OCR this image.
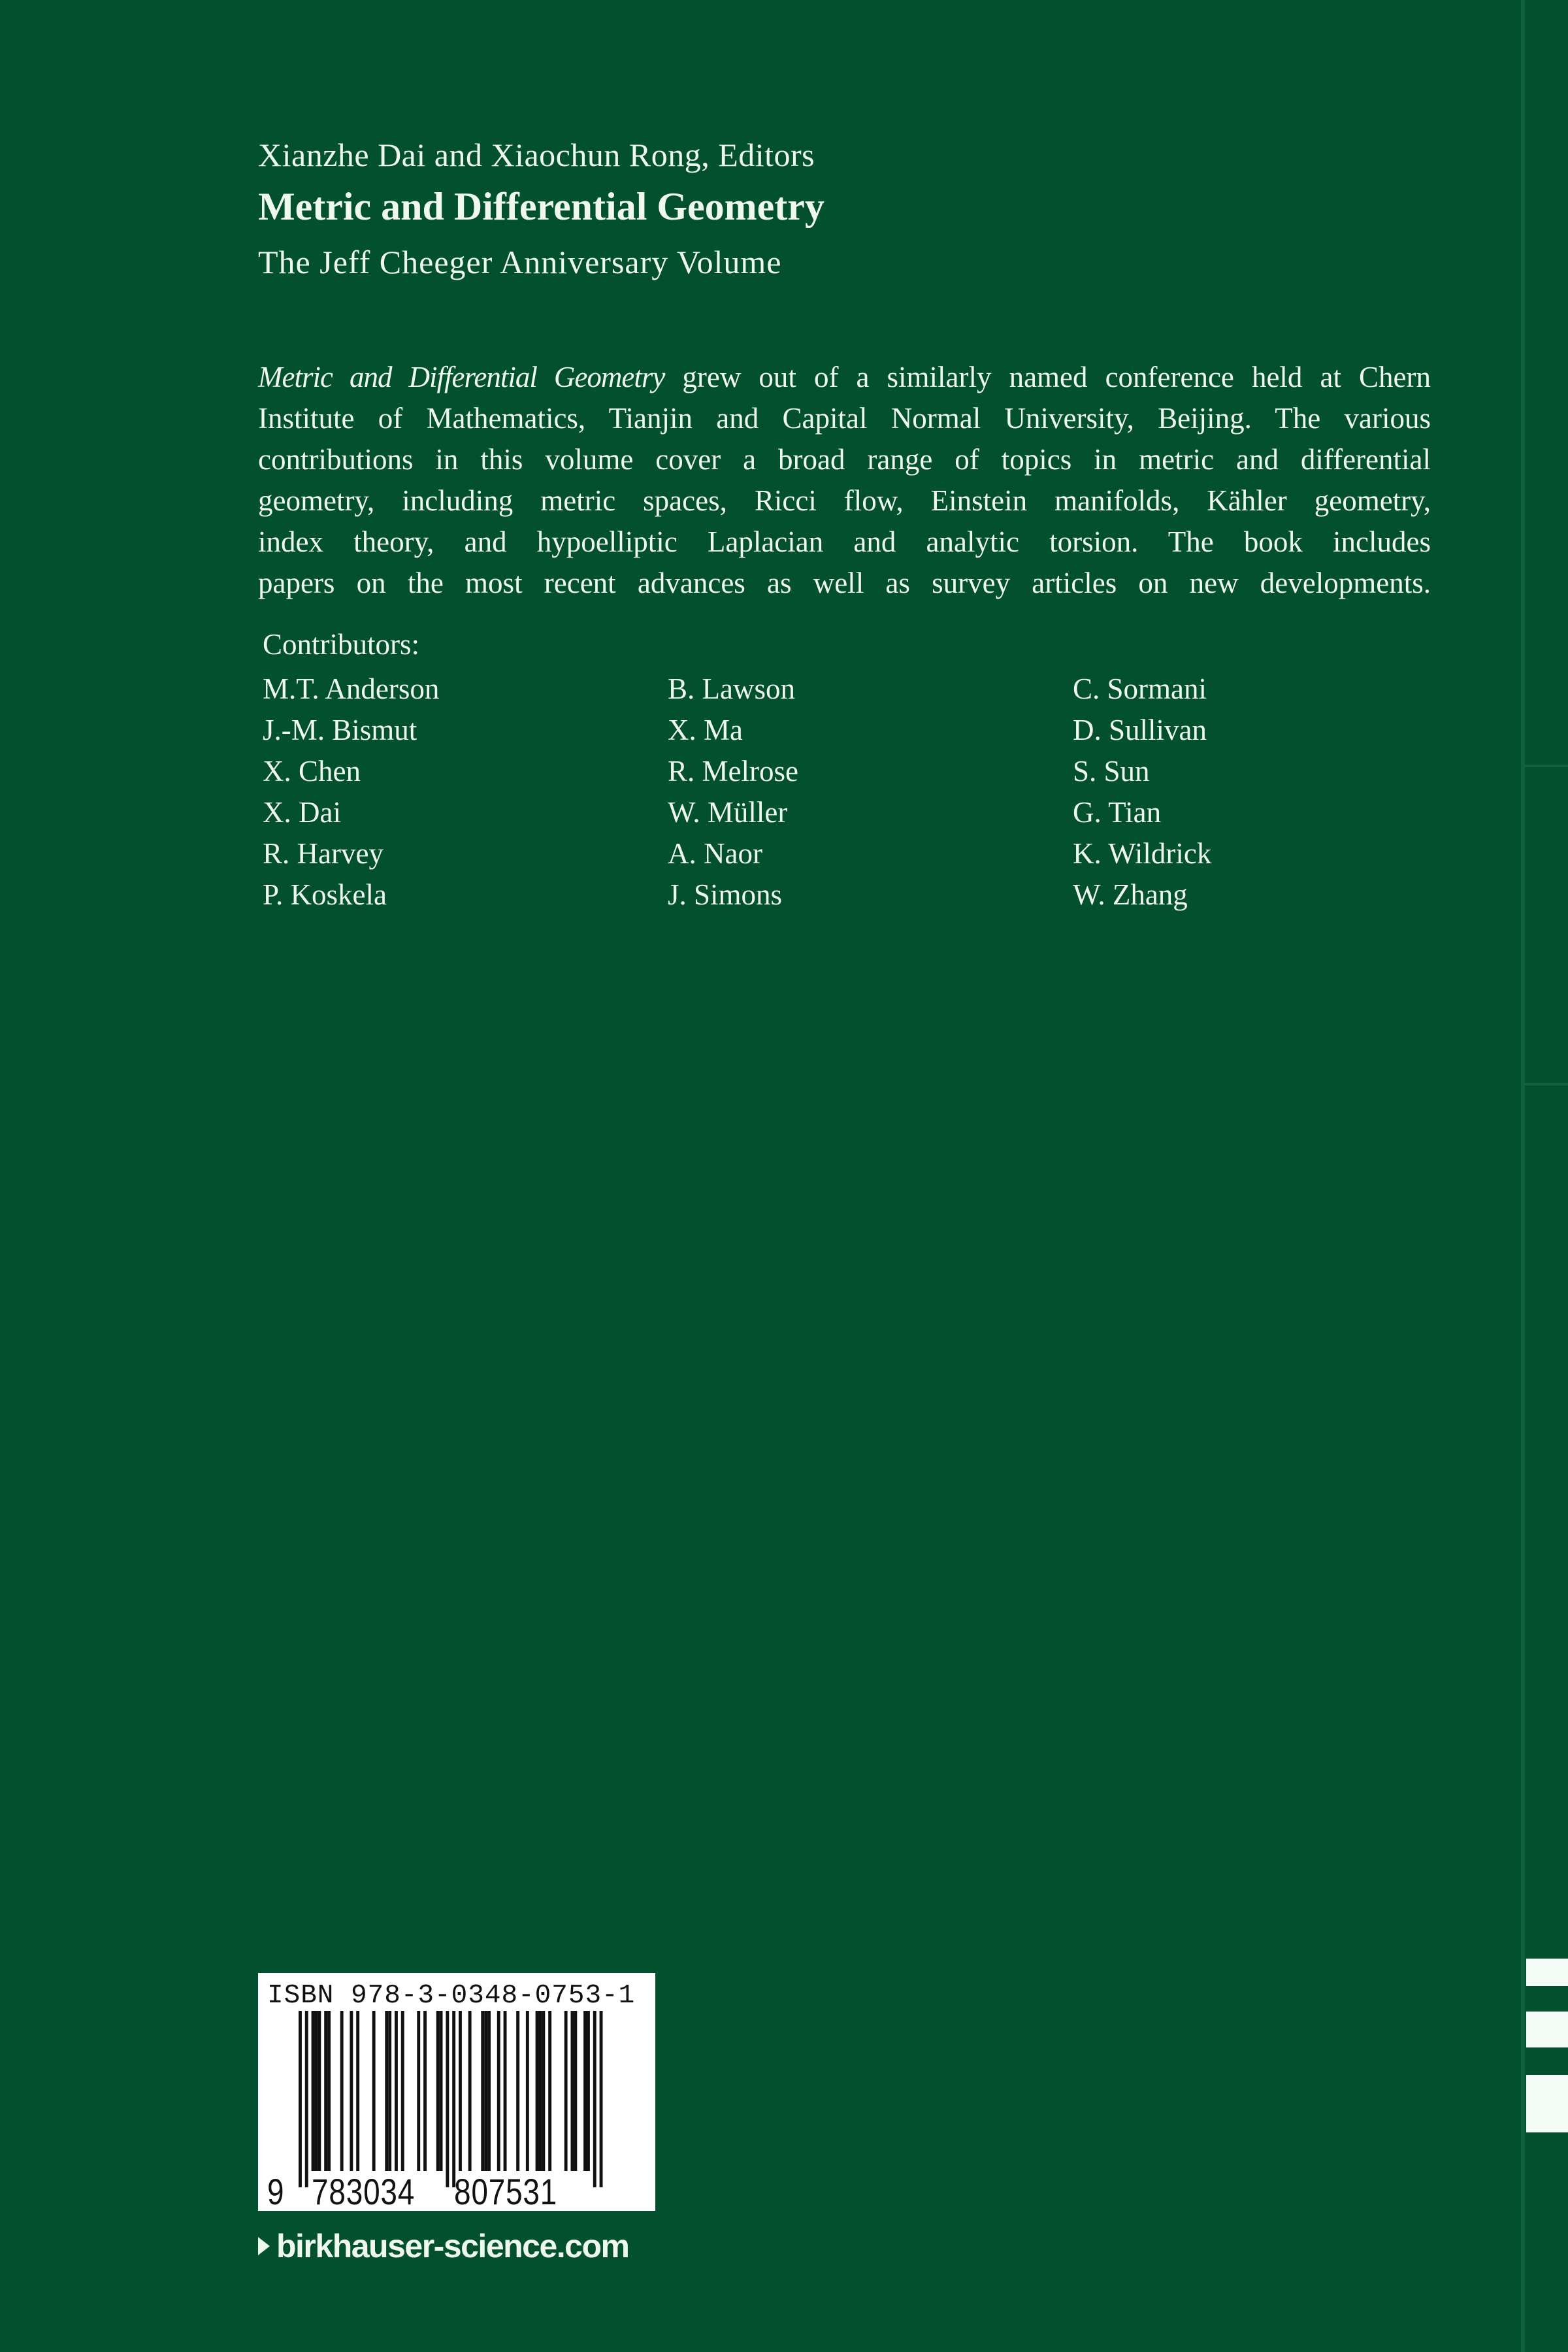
Xianzhe Dai and Xiaochun Rong, Editors
Metric and Differential Geometry
The Jeff Cheeger Anniversary Volume
Metric and Differential Geometry grew out of a similarly named conference held at Chern
Institute of Mathematics, Tianjin and Capital Normal University, Beijing. The various
contributions in this volume cover a broad range of topics in metric and differential
geometry, including metric spaces, Ricci flow, Einstein manifolds, Kähler geometry,
index theory, and hypoelliptic Laplacian and analytic torsion. The book includes
papers on the most recent advances as well as survey articles on new developments.
Contributors:
M.T. Anderson
J.-M. Bismut
X. Chen
X. Dai
R. Harvey
P. Koskela
B. Lawson
X. Ma
R. Melrose
W. Müller
A. Naor
J. Simons
C. Sormani
D. Sullivan
S. Sun
G. Tian
K. Wildrick
W. Zhang
ISBN 978-3-0348-0753-1
9 783034 807531
birkhauser-science.com
